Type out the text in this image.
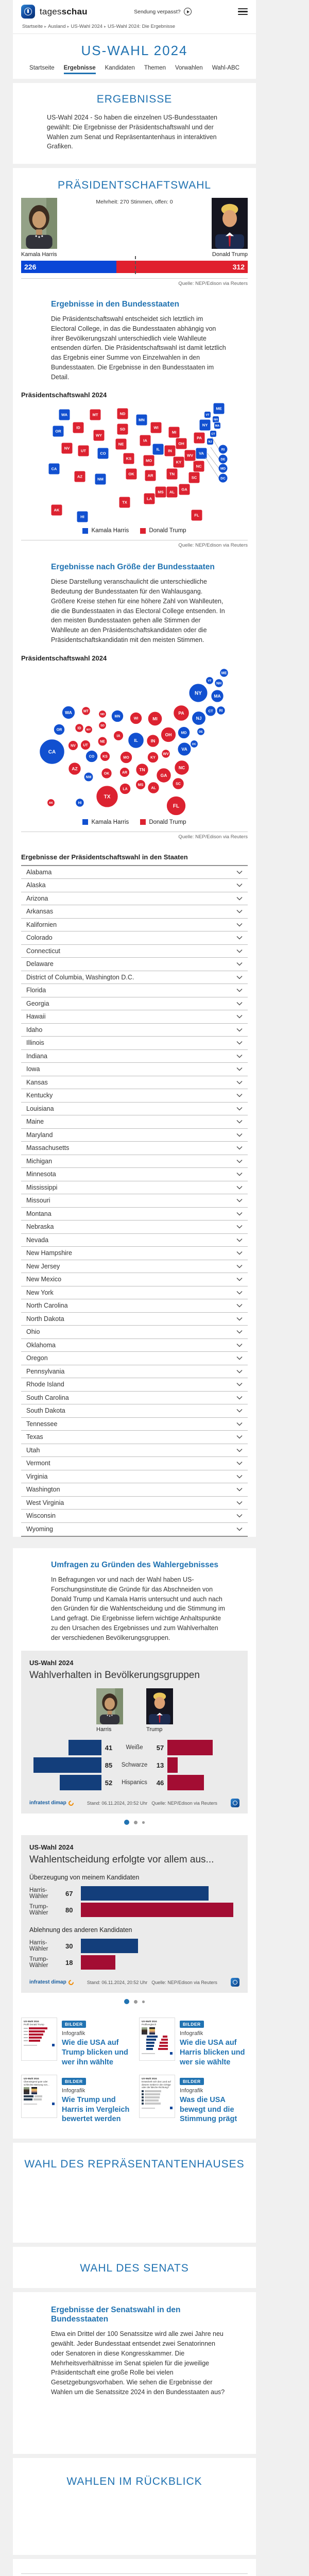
tagesschau	Sendung verpasst?
Startseite ▸ Ausland ▸ US-Wahl 2024 ▸ US-Wahl 2024: Die Ergebnisse
US-WAHL 2024
Startseite Ergebnisse Kandidaten Themen Vorwahlen Wahl-ABC
ERGEBNISSE

US-Wahl 2024 - So haben die einzelnen US-Bundesstaaten gewählt: Die Ergebnisse der Präsidentschaftswahl und der Wahlen zum Senat und Repräsentantenhaus in interaktiven Grafiken.

PRÄSIDENTSCHAFTSWAHL
Mehrheit: 270 Stimmen, offen: 0
Kamala Harris	Donald Trump
226	312
Quelle: NEP/Edison via Reuters
Ergebnisse in den Bundesstaaten

Die Präsidentschaftswahl entscheidet sich letztlich im Electoral College, in das die Bundesstaaten abhängig von ihrer Bevölkerungszahl unterschiedlich viele Wahlleute entsenden dürfen. Die Präsidentschaftswahl ist damit letztlich das Ergebnis einer Summe von Einzelwahlen in den Bundesstaaten. Die Ergebnisse in den Bundesstaaten im Detail.

Präsidentschaftswahl 2024
WA
OR
CA
NV
ID
UT
AZ
MT
WY
CO
NM
ND
SD
NE
KS
OK
TX
MN
IA
MO
AR
LA
WI
IL
MS
MI
IN
KY
TN
AL
OH
GA
FL
SC
NC
WV VA
PA
NY
ME
VT
NH
MA
CT
NJ
RI
DE
MD
DC
AK
HI
Kamala Harris	Donald Trump
Quelle: NEP/Edison via Reuters
Ergebnisse nach Größe der Bundesstaaten

Diese Darstellung veranschaulicht die unterschiedliche Bedeutung der Bundesstaaten für den Wahlausgang. Größere Kreise stehen für eine höhere Zahl von Wahlleuten, die die Bundesstaaten in das Electoral College entsenden. In den meisten Bundesstaaten gehen alle Stimmen der Wahlleute an den Präsidentschaftskandidaten oder die Präsidentschaftskandidatin mit den meisten Stimmen.

Präsidentschaftswahl 2024
WA
OR
CA
NV
ID
UT
AZ
MT
WY
CO
NM
ND
SD
NE
KS
OK
TX
MN
IA
MO
AR
LA
WI
IL
MS
MI
IN
KY
TN
AL
OH
GA
FL
SC
NC
WV
VA
PA
NY
ME
VT
NH
MA
CT
NJ
RI
DE
MD
DC
AK	HI
Kamala Harris	Donald Trump
Quelle: NEP/Edison via Reuters
Ergebnisse der Präsidentschaftswahl in den Staaten
Alabama
Alaska
Arizona
Arkansas
Kalifornien
Colorado
Connecticut
Delaware
District of Columbia, Washington D.C.
Florida
Georgia
Hawaii
Idaho
Illinois
Indiana
Iowa
Kansas
Kentucky
Louisiana
Maine
Maryland
Massachusetts
Michigan
Minnesota
Mississippi
Missouri
Montana
Nebraska
Nevada
New Hampshire
New Jersey
New Mexico
New York
North Carolina
North Dakota
Ohio
Oklahoma
Oregon
Pennsylvania
Rhode Island
South Carolina
South Dakota
Tennessee
Texas
Utah
Vermont
Virginia
Washington
West Virginia
Wisconsin
Wyoming
Umfragen zu Gründen des Wahlergebnisses

In Befragungen vor und nach der Wahl haben US-Forschungsinstitute die Gründe für das Abschneiden von Donald Trump und Kamala Harris untersucht und auch nach den Gründen für die Wahlentscheidung und die Stimmung im Land gefragt. Die Ergebnisse liefern wichtige Anhaltspunkte zu den Ursachen des Ergebnisses und zum Wahlverhalten der verschiedenen Bevölkerungsgruppen.

US-Wahl 2024
Wahlverhalten in Bevölkerungsgruppen
Harris	Trump
41	Weiße	57
85	Schwarze	13
52	Hispanics	46
infratest dimap	Stand: 06.11.2024, 20:52 Uhr Quelle: NEP/Edison via Reuters
US-Wahl 2024
Wahlentscheidung erfolgte vor allem aus...
Überzeugung von meinem Kandidaten
Harris-Wähler	67
Trump-Wähler	80
Ablehnung des anderen Kandidaten
Harris-Wähler	30
Trump-Wähler	18
infratest dimap	Stand: 06.11.2024, 20:52 Uhr Quelle: NEP/Edison via Reuters
US-Wahl 2024
Profil Donald Trump	BILDER
Infografik
Wie die USA auf Trump blicken und wer ihn wählte
US-Wahl 2024
Profilvergleich	BILDER
Infografik
Wie die USA auf Harris blicken und wer sie wählte
US-Wahl 2024
Überwiegend gute oder schlechte Meinung von...
BILDER
Infografik
Wie Trump und Harris im Vergleich bewertet werden
US-Wahl 2024
Entwickelt sich das Land auf diesem Gebiet in die richtige oder die falsche Richtung?
BILDER
Infografik
Was die USA bewegt und die Stimmung prägt
WAHL DES REPRÄSENTANTENHAUSES
WAHL DES SENATS
Ergebnisse der Senatswahl in den Bundesstaaten

Etwa ein Drittel der 100 Senatssitze wird alle zwei Jahre neu gewählt. Jeder Bundesstaat entsendet zwei Senatorinnen oder Senatoren in diese Kongresskammer. Die Mehrheitsverhältnisse im Senat spielen für die jeweilige Präsidentschaft eine große Rolle bei vielen Gesetzgebungsvorhaben. Wie sehen die Ergebnisse der Wahlen um die Senatssitze 2024 in den Bundesstaaten aus?

WAHLEN IM RÜCKBLICK
